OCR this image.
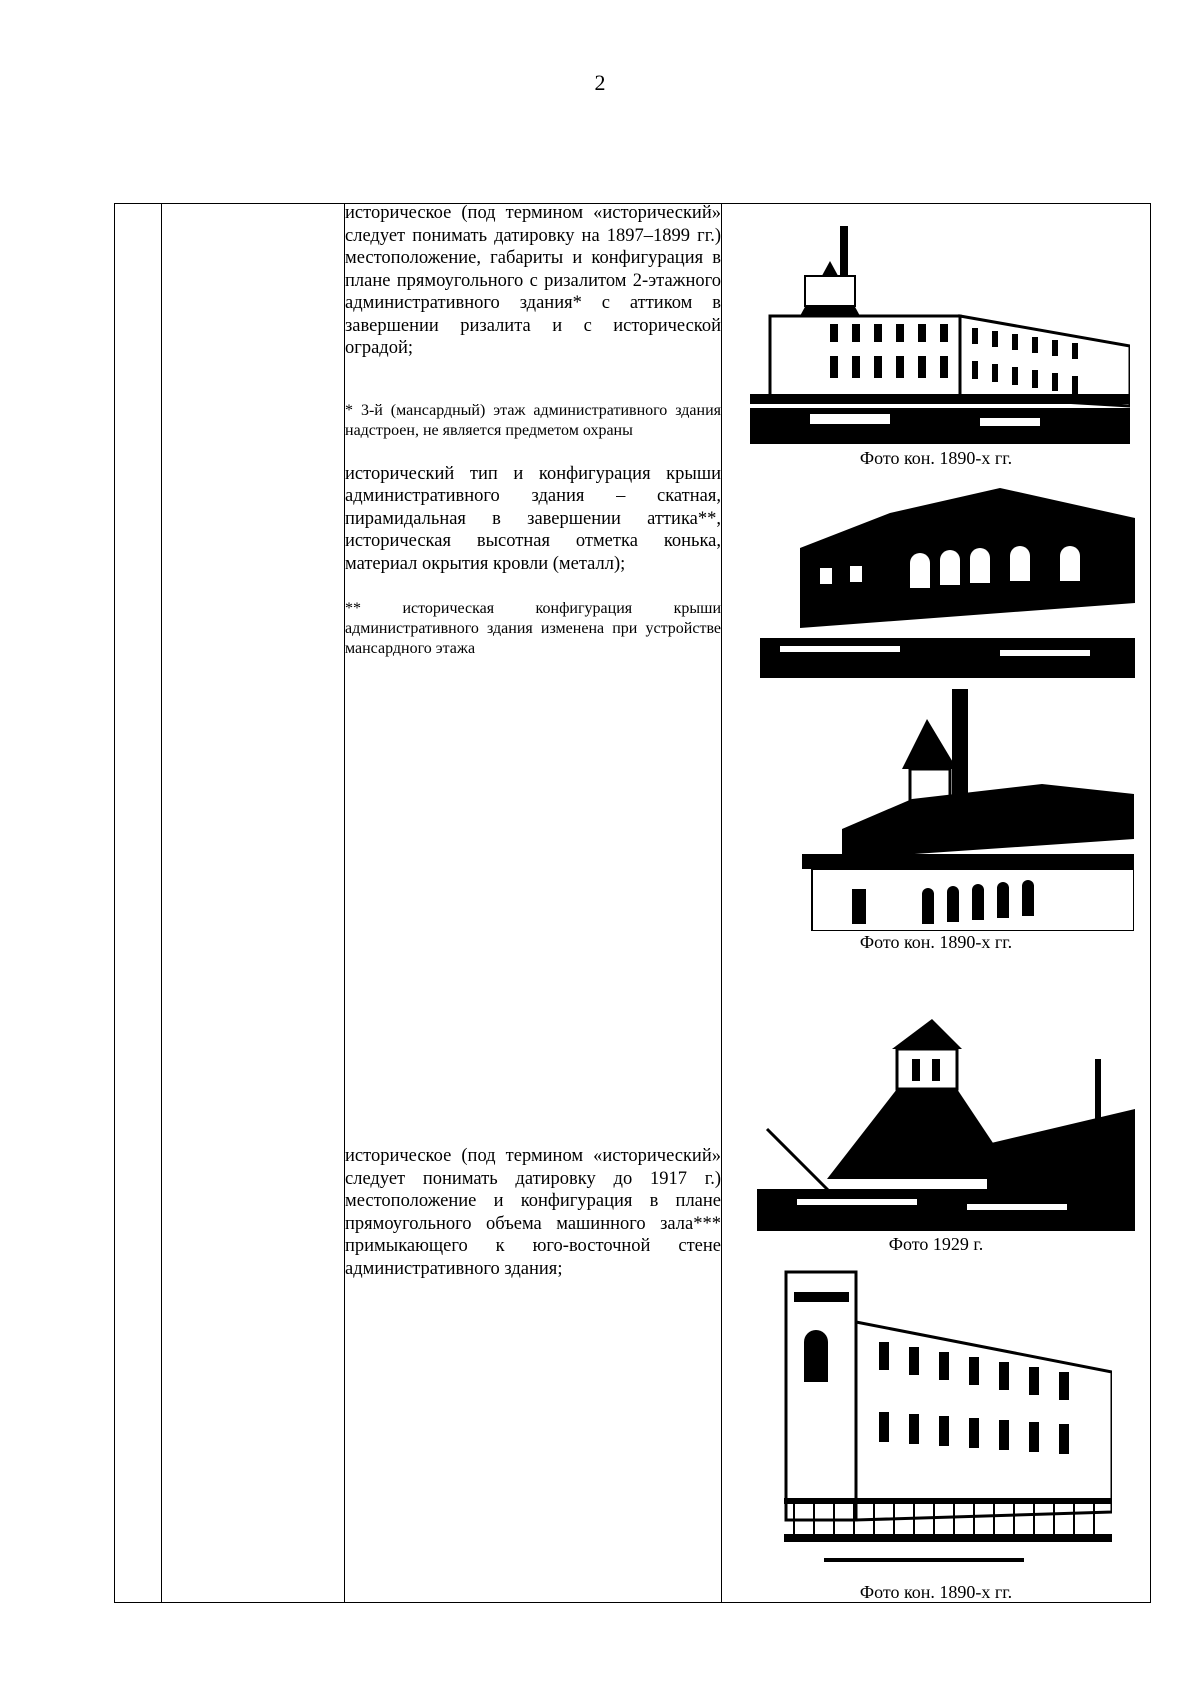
2

историческое (под термином «исторический» следует понимать датировку на 1897–1899 гг.) местоположение, габариты и конфигурация в плане прямоугольного с ризалитом 2-этажного административного здания* с аттиком в завершении ризалита и с исторической оградой;

* 3-й (мансардный) этаж административного здания надстроен, не является предметом охраны

исторический тип и конфигурация крыши административного здания – скатная, пирамидальная в завершении аттика**, историческая высотная отметка конька, материал окрытия кровли (металл);

** историческая конфигурация крыши административного здания изменена при устройстве мансардного этажа

историческое (под термином «исторический» следует понимать датировку до 1917 г.) местоположение и конфигурация в плане прямоугольного объема машинного зала*** примыкающего к юго-восточной стене административного здания;

Фото кон. 1890-х гг.
Фото кон. 1890-х гг.
Фото 1929 г.
Фото кон. 1890-х гг.
